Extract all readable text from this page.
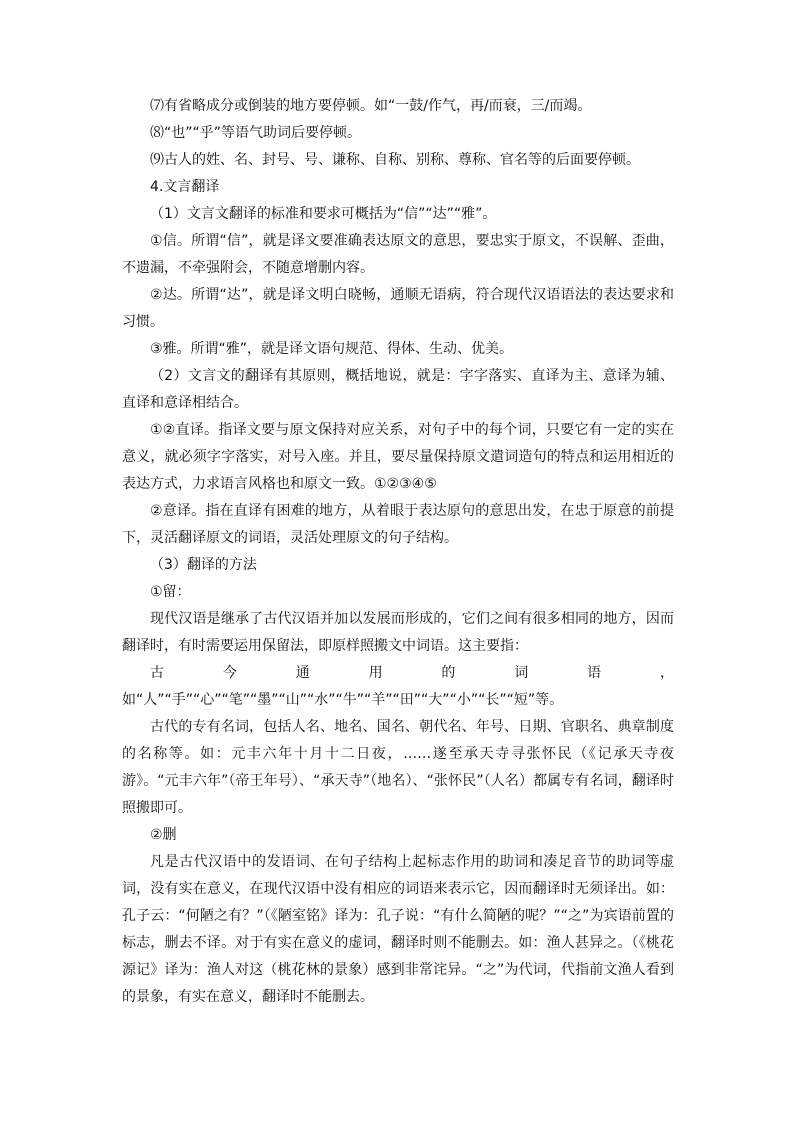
⑺有省略成分或倒装的地方要停顿。如“一鼓/作气，再/而衰，三/而竭。

⑻“也”“乎”等语气助词后要停顿。

⑼古人的姓、名、封号、号、谦称、自称、别称、尊称、官名等的后面要停顿。

4.文言翻译

（1）文言文翻译的标准和要求可概括为“信”“达”“雅”。

①信。所谓“信”，就是译文要准确表达原文的意思，要忠实于原文，不误解、歪曲，不遗漏，不牵强附会，不随意增删内容。

②达。所谓“达”，就是译文明白晓畅，通顺无语病，符合现代汉语语法的表达要求和习惯。

③雅。所谓“雅”，就是译文语句规范、得体、生动、优美。

（2）文言文的翻译有其原则，概括地说，就是：字字落实、直译为主、意译为辅、直译和意译相结合。

①②直译。指译文要与原文保持对应关系，对句子中的每个词，只要它有一定的实在意义，就必须字字落实，对号入座。并且，要尽量保持原文遣词造句的特点和运用相近的表达方式，力求语言风格也和原文一致。①②③④⑤

②意译。指在直译有困难的地方，从着眼于表达原句的意思出发，在忠于原意的前提下，灵活翻译原文的词语，灵活处理原文的句子结构。

（3）翻译的方法

①留：

现代汉语是继承了古代汉语并加以发展而形成的，它们之间有很多相同的地方，因而翻译时，有时需要运用保留法，即原样照搬文中词语。这主要指：

古今通用的词语，如“人”“手”“心”“笔”“墨”“山”“水”“牛”“羊”“田”“大”“小”“长”“短”等。

古代的专有名词，包括人名、地名、国名、朝代名、年号、日期、官职名、典章制度的名称等。如：元丰六年十月十二日夜，……遂至承天寺寻张怀民（《记承天寺夜游》。“元丰六年”（帝王年号）、“承天寺”（地名）、“张怀民”（人名）都属专有名词，翻译时照搬即可。

②删

凡是古代汉语中的发语词、在句子结构上起标志作用的助词和凑足音节的助词等虚词，没有实在意义，在现代汉语中没有相应的词语来表示它，因而翻译时无须译出。如：孔子云：“何陋之有？”（《陋室铭》译为：孔子说：“有什么简陋的呢？”“之”为宾语前置的标志，删去不译。对于有实在意义的虚词，翻译时则不能删去。如：渔人甚异之。（《桃花源记》译为：渔人对这（桃花林的景象）感到非常诧异。“之”为代词，代指前文渔人看到的景象，有实在意义，翻译时不能删去。
